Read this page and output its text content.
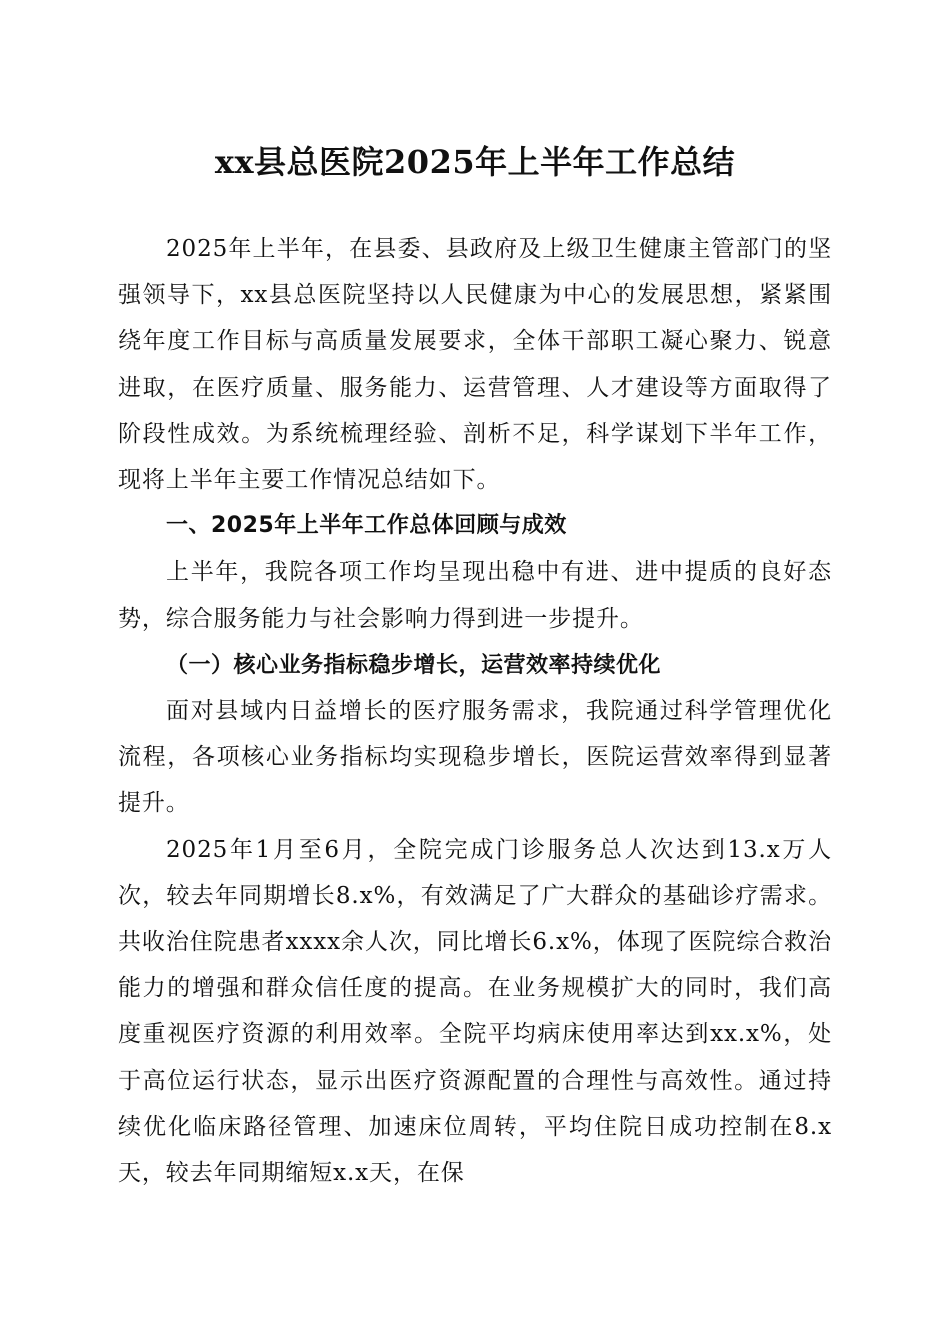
xx县总医院2025年上半年工作总结

2025年上半年，在县委、县政府及上级卫生健康主管部门的坚强领导下，xx县总医院坚持以人民健康为中心的发展思想，紧紧围绕年度工作目标与高质量发展要求，全体干部职工凝心聚力、锐意进取，在医疗质量、服务能力、运营管理、人才建设等方面取得了阶段性成效。为系统梳理经验、剖析不足，科学谋划下半年工作，现将上半年主要工作情况总结如下。

一、2025年上半年工作总体回顾与成效

上半年，我院各项工作均呈现出稳中有进、进中提质的良好态势，综合服务能力与社会影响力得到进一步提升。

（一）核心业务指标稳步增长，运营效率持续优化

面对县域内日益增长的医疗服务需求，我院通过科学管理优化流程，各项核心业务指标均实现稳步增长，医院运营效率得到显著提升。

2025年1月至6月，全院完成门诊服务总人次达到13.x万人次，较去年同期增长8.x%，有效满足了广大群众的基础诊疗需求。共收治住院患者xxxx余人次，同比增长6.x%，体现了医院综合救治能力的增强和群众信任度的提高。在业务规模扩大的同时，我们高度重视医疗资源的利用效率。全院平均病床使用率达到xx.x%，处于高位运行状态，显示出医疗资源配置的合理性与高效性。通过持续优化临床路径管理、加速床位周转，平均住院日成功控制在8.x天，较去年同期缩短x.x天，在保
